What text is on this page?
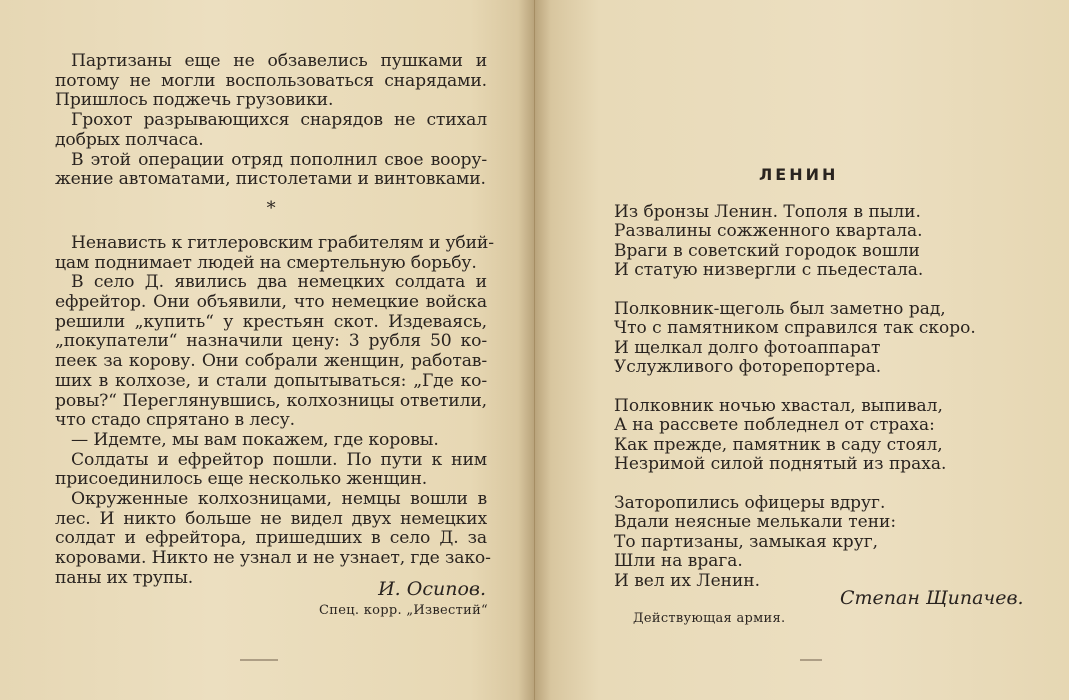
Партизаны еще не обзавелись пушками и
потому не могли воспользоваться снарядами.
Пришлось поджечь грузовики.
Грохот разрывающихся снарядов не стихал
добрых полчаса.
В этой операции отряд пополнил свое воору-
жение автоматами, пистолетами и винтовками.
*
Ненависть к гитлеровским грабителям и убий-
цам поднимает людей на смертельную борьбу.
В село Д. явились два немецких солдата и
ефрейтор. Они объявили, что немецкие войска
решили „купить“ у крестьян скот. Издеваясь,
„покупатели“ назначили цену: 3 рубля 50 ко-
пеек за корову. Они собрали женщин, работав-
ших в колхозе, и стали допытываться: „Где ко-
ровы?“ Переглянувшись, колхозницы ответили,
что стадо спрятано в лесу.
— Идемте, мы вам покажем, где коровы.
Солдаты и ефрейтор пошли. По пути к ним
присоединилось еще несколько женщин.
Окруженные колхозницами, немцы вошли в
лес. И никто больше не видел двух немецких
солдат и ефрейтора, пришедших в село Д. за
коровами. Никто не узнал и не узнает, где зако-
паны их трупы.
И. Осипов.
Спец. корр. „Известий“
ЛЕНИН
Из бронзы Ленин. Тополя в пыли.
Развалины сожженного квартала.
Враги в советский городок вошли
И статую низвергли с пьедестала.
Полковник-щеголь был заметно рад,
Что с памятником справился так скоро.
И щелкал долго фотоаппарат
Услужливого фоторепортера.
Полковник ночью хвастал, выпивал,
А на рассвете побледнел от страха:
Как прежде, памятник в саду стоял,
Незримой силой поднятый из праха.
Заторопились офицеры вдруг.
Вдали неясные мелькали тени:
То партизаны, замыкая круг,
Шли на врага.
И вел их Ленин.
Степан Щипачев.
Действующая армия.
